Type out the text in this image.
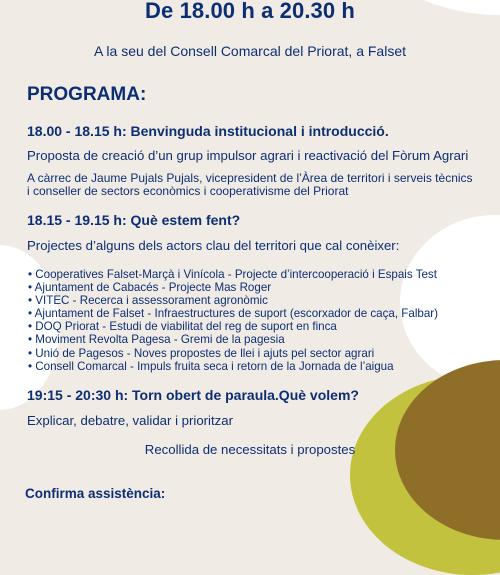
De 18.00 h a 20.30 h
A la seu del Consell Comarcal del Priorat, a Falset
PROGRAMA:
18.00 - 18.15 h: Benvinguda institucional i introducció.
Proposta de creació d’un grup impulsor agrari i reactivació del Fòrum Agrari
A càrrec de Jaume Pujals Pujals, vicepresident de l’Àrea de territori i serveis tècnics
i conseller de sectors econòmics i cooperativisme del Priorat
18.15 - 19.15 h: Què estem fent?
Projectes d’alguns dels actors clau del territori que cal conèixer:
• Cooperatives Falset-Marçà i Vinícola - Projecte d’intercooperació i Espais Test
• Ajuntament de Cabacés - Projecte Mas Roger
• VITEC - Recerca i assessorament agronòmic
• Ajuntament de Falset - Infraestructures de suport (escorxador de caça, Falbar)
• DOQ Priorat - Estudi de viabilitat del reg de suport en finca
• Moviment Revolta Pagesa - Gremi de la pagesia
• Unió de Pagesos - Noves propostes de llei i ajuts pel sector agrari
• Consell Comarcal - Impuls fruita seca i retorn de la Jornada de l’aigua
19:15 - 20:30 h: Torn obert de paraula.Què volem?
Explicar, debatre, validar i prioritzar
Recollida de necessitats i propostes
Confirma assistència:
